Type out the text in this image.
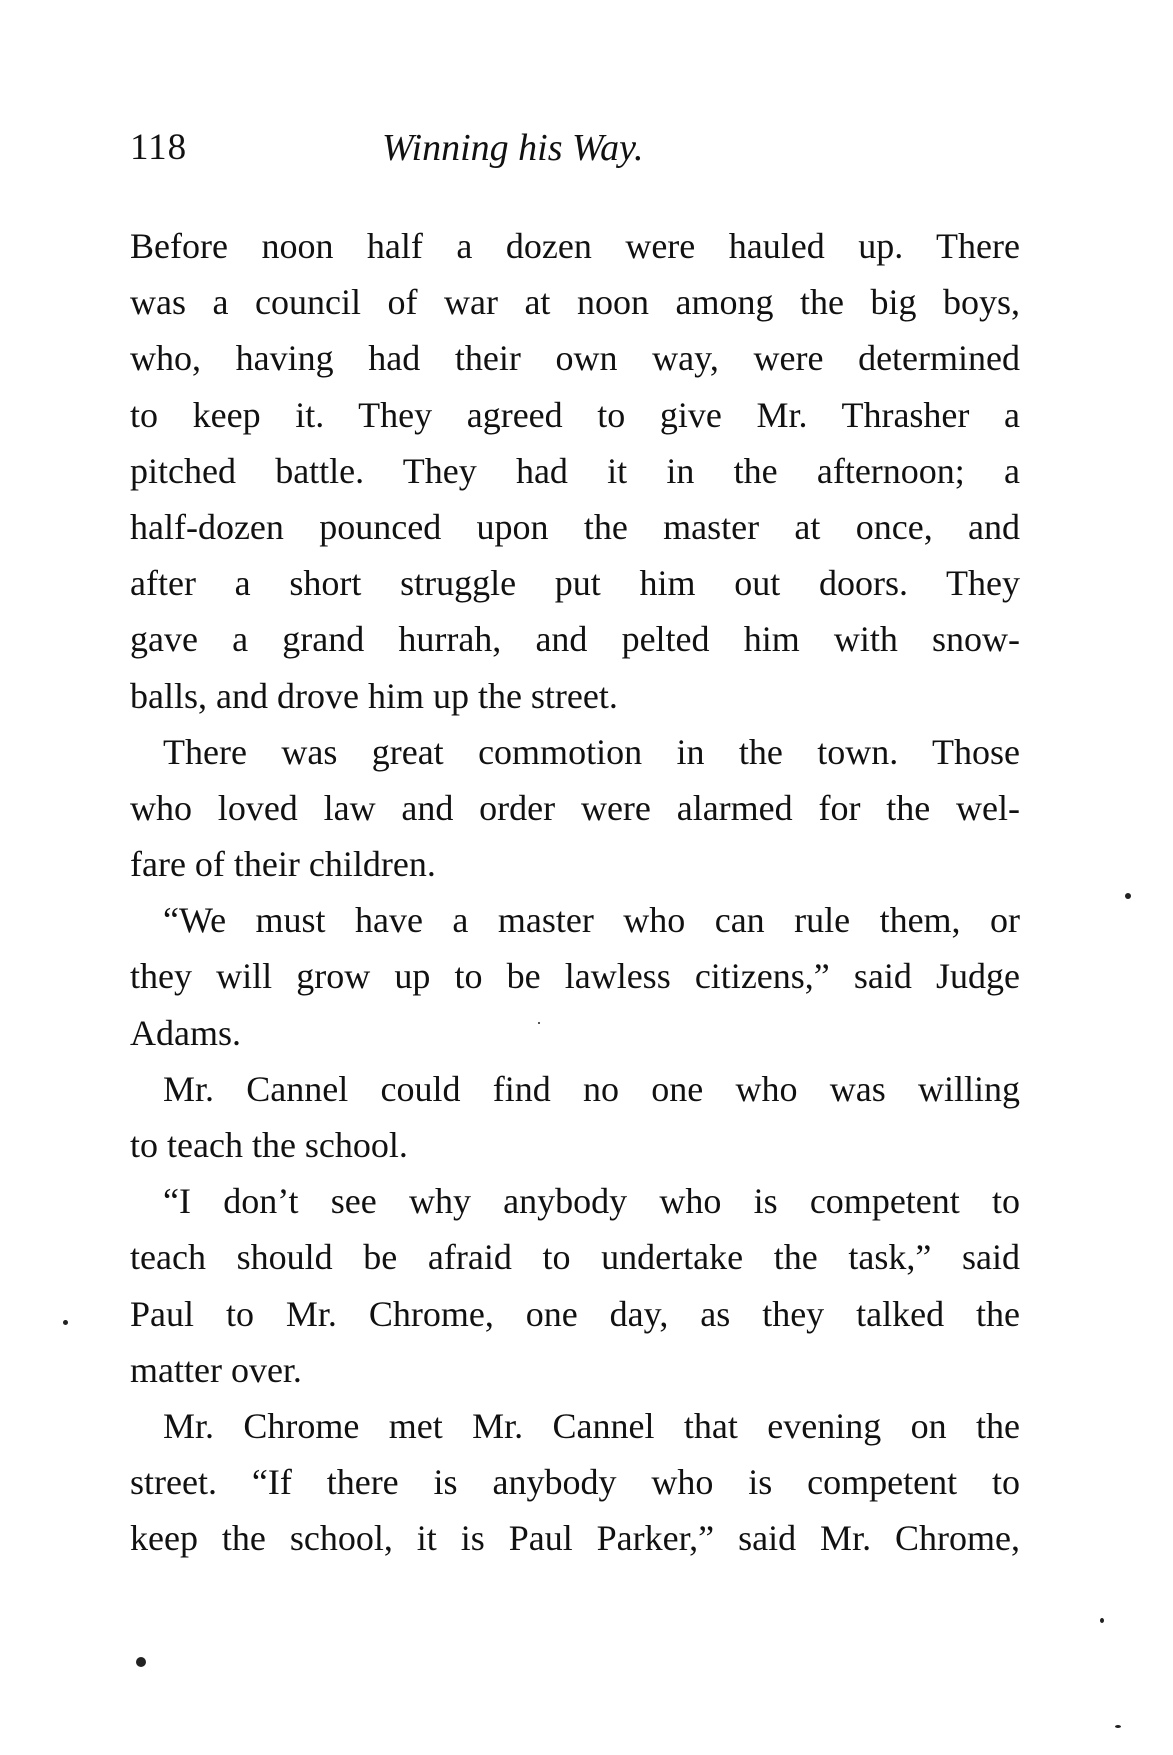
118	Winning his Way.
Before noon half a dozen were hauled up. There
was a council of war at noon among the big boys,
who, having had their own way, were determined
to keep it. They agreed to give Mr. Thrasher a
pitched battle. They had it in the afternoon; a
half-dozen pounced upon the master at once, and
after a short struggle put him out doors. They
gave a grand hurrah, and pelted him with snow-
balls, and drove him up the street.
There was great commotion in the town. Those
who loved law and order were alarmed for the wel-
fare of their children.
“We must have a master who can rule them, or
they will grow up to be lawless citizens,” said Judge
Adams.
Mr. Cannel could find no one who was willing
to teach the school.
“I don’t see why anybody who is competent to
teach should be afraid to undertake the task,” said
Paul to Mr. Chrome, one day, as they talked the
matter over.
Mr. Chrome met Mr. Cannel that evening on the
street. “If there is anybody who is competent to
keep the school, it is Paul Parker,” said Mr. Chrome,
